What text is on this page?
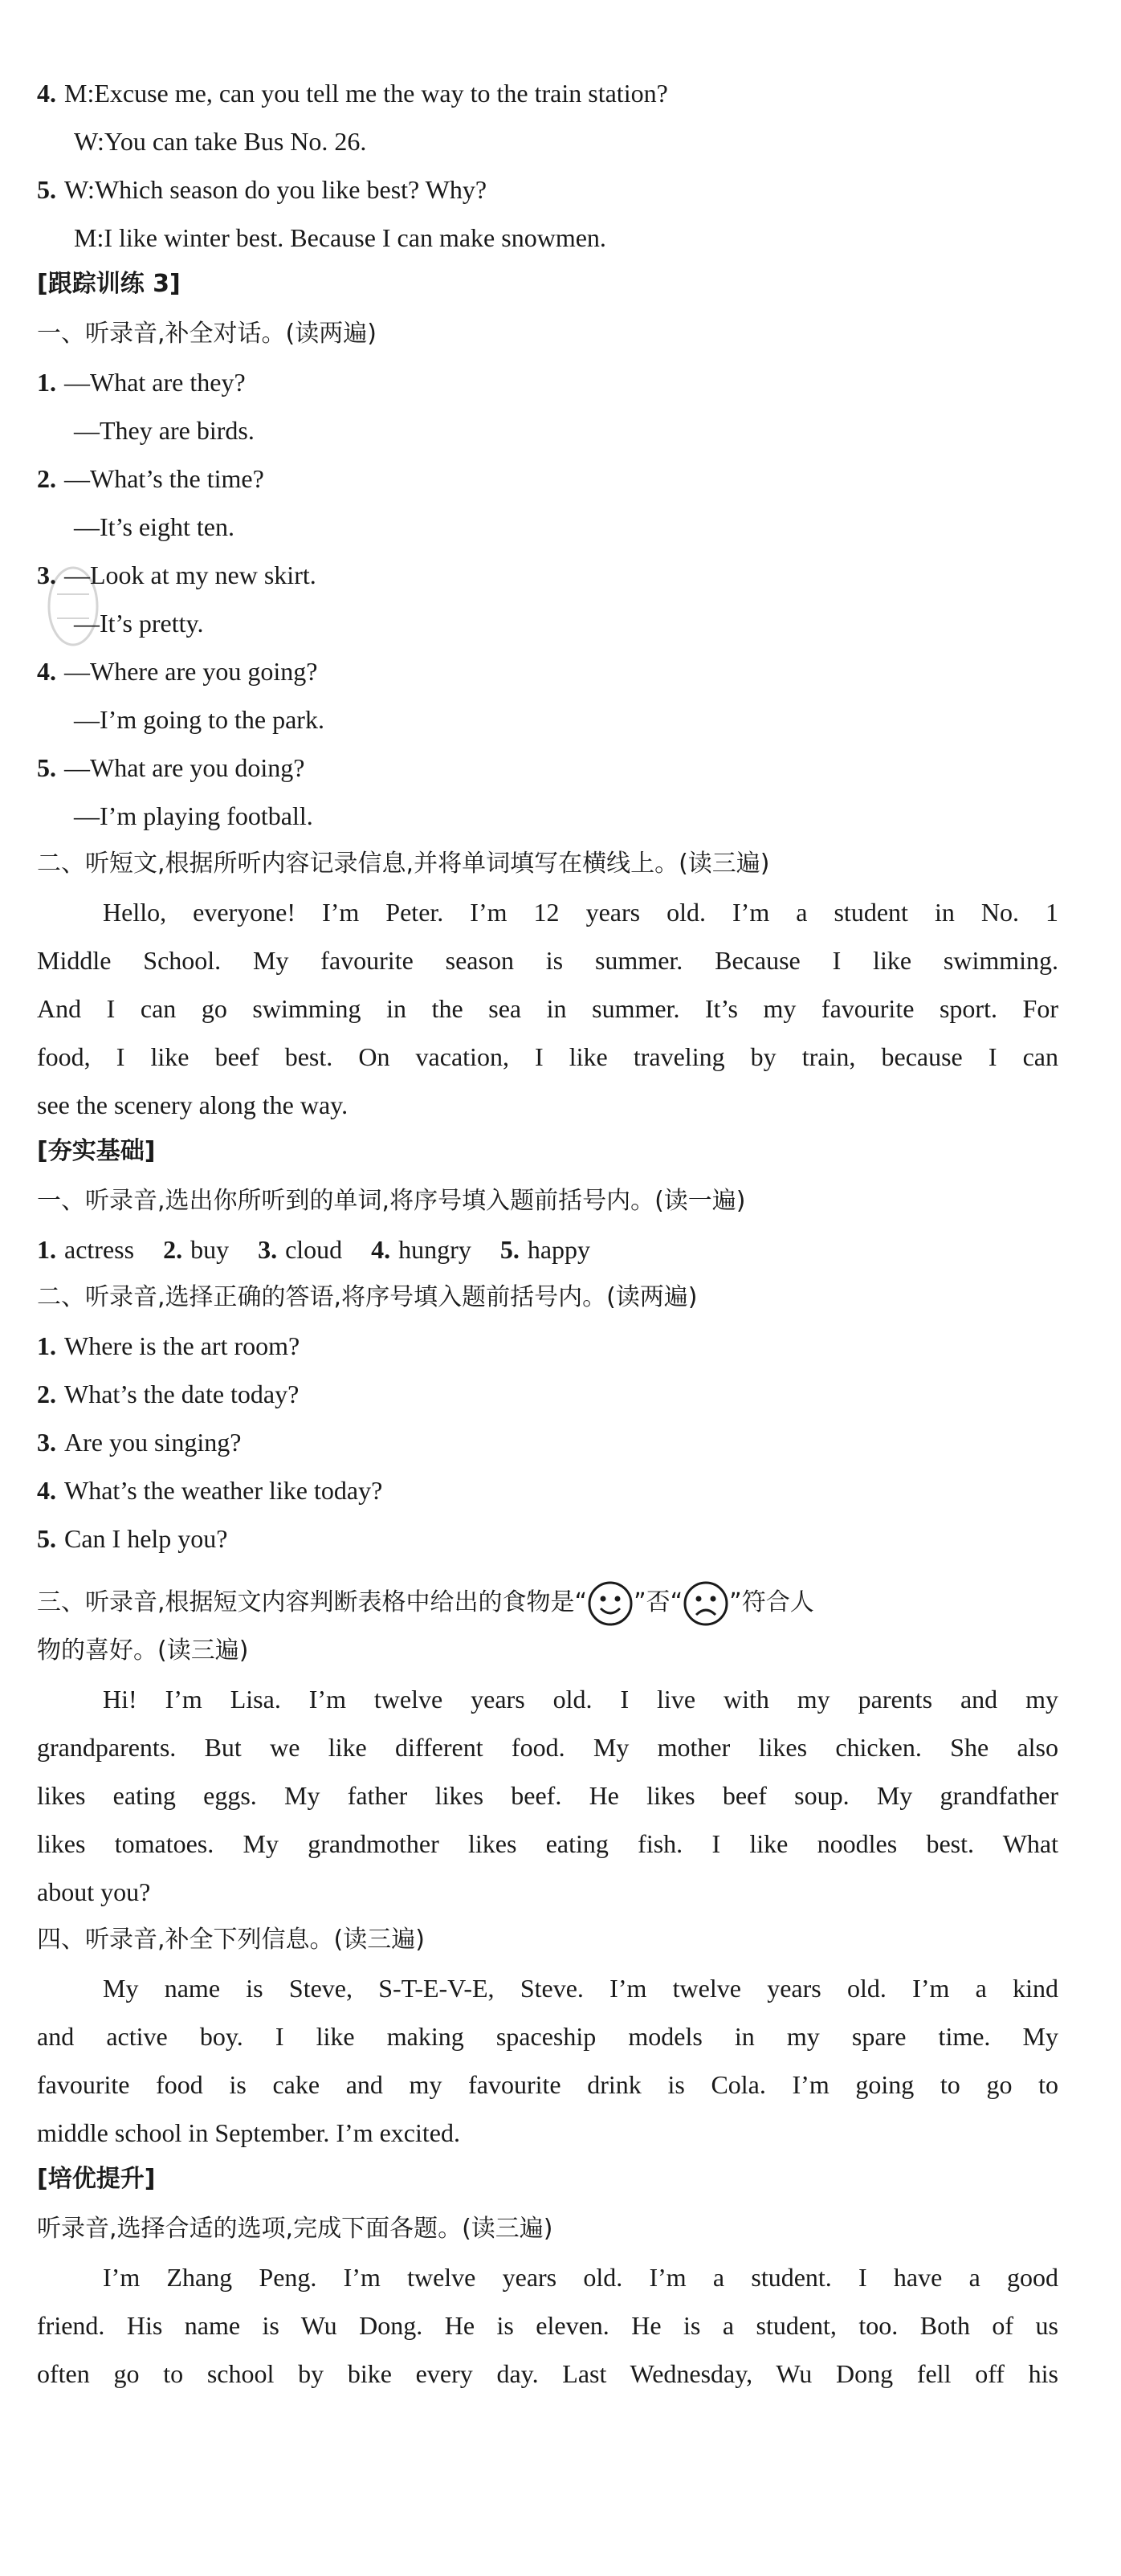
4. M:Excuse me, can you tell me the way to the train station?
W:You can take Bus No. 26.
5. W:Which season do you like best? Why?
M:I like winter best. Because I can make snowmen.
[跟踪训练 3]
一、听录音,补全对话。(读两遍)
1. —What are they?
—They are birds.
2. —What’s the time?
—It’s eight ten.
3. —Look at my new skirt.
—It’s pretty.
4. —Where are you going?
—I’m going to the park.
5. —What are you doing?
—I’m playing football.
二、听短文,根据所听内容记录信息,并将单词填写在横线上。(读三遍)
Hello, everyone! I’m Peter. I’m 12 years old. I’m a student in No. 1
Middle School. My favourite season is summer. Because I like swimming.
And I can go swimming in the sea in summer. It’s my favourite sport. For
food, I like beef best. On vacation, I like traveling by train, because I can
see the scenery along the way.
[夯实基础]
一、听录音,选出你所听到的单词,将序号填入题前括号内。(读一遍)
1. actress 2. buy 3. cloud 4. hungry 5. happy
二、听录音,选择正确的答语,将序号填入题前括号内。(读两遍)
1. Where is the art room?
2. What’s the date today?
3. Are you singing?
4. What’s the weather like today?
5. Can I help you?
三、听录音,根据短文内容判断表格中给出的食物是“ ”否“ ”符合人
物的喜好。(读三遍)
Hi! I’m Lisa. I’m twelve years old. I live with my parents and my
grandparents. But we like different food. My mother likes chicken. She also
likes eating eggs. My father likes beef. He likes beef soup. My grandfather
likes tomatoes. My grandmother likes eating fish. I like noodles best. What
about you?
四、听录音,补全下列信息。(读三遍)
My name is Steve, S-T-E-V-E, Steve. I’m twelve years old. I’m a kind
and active boy. I like making spaceship models in my spare time. My
favourite food is cake and my favourite drink is Cola. I’m going to go to
middle school in September. I’m excited.
[培优提升]
听录音,选择合适的选项,完成下面各题。(读三遍)
I’m Zhang Peng. I’m twelve years old. I’m a student. I have a good
friend. His name is Wu Dong. He is eleven. He is a student, too. Both of us
often go to school by bike every day. Last Wednesday, Wu Dong fell off his
